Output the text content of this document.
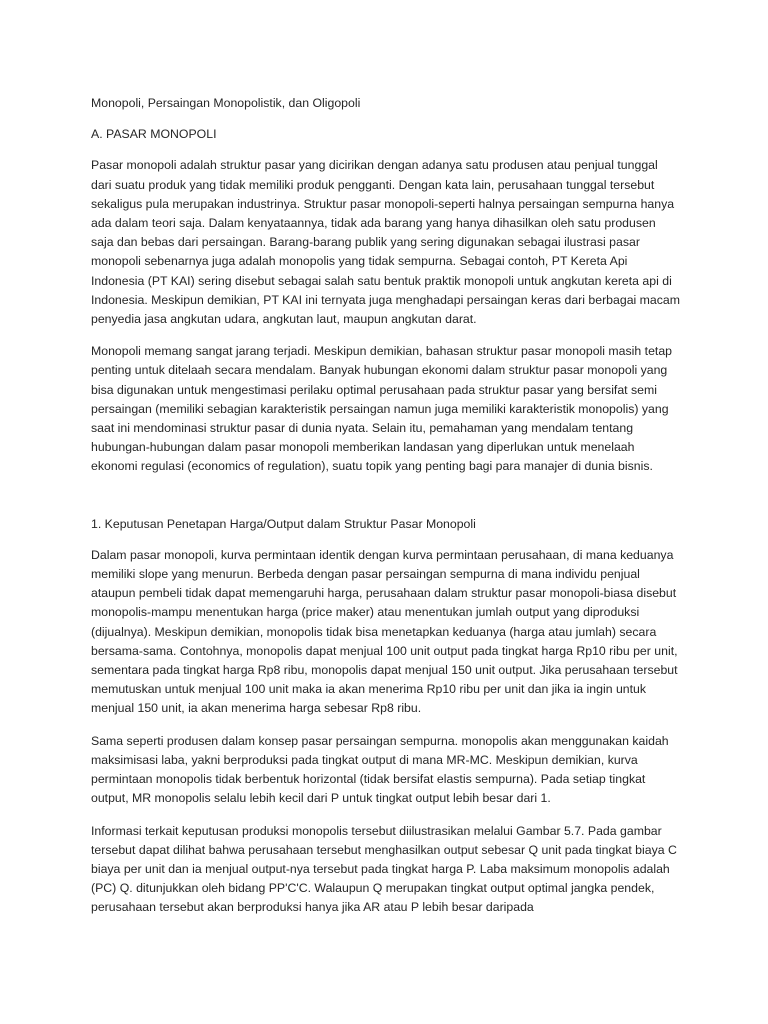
Monopoli, Persaingan Monopolistik, dan Oligopoli

A. PASAR MONOPOLI

Pasar monopoli adalah struktur pasar yang dicirikan dengan adanya satu produsen atau penjual tunggal dari suatu produk yang tidak memiliki produk pengganti. Dengan kata lain, perusahaan tunggal tersebut sekaligus pula merupakan industrinya. Struktur pasar monopoli-seperti halnya persaingan sempurna hanya ada dalam teori saja. Dalam kenyataannya, tidak ada barang yang hanya dihasilkan oleh satu produsen saja dan bebas dari persaingan. Barang-barang publik yang sering digunakan sebagai ilustrasi pasar monopoli sebenarnya juga adalah monopolis yang tidak sempurna. Sebagai contoh, PT Kereta Api Indonesia (PT KAI) sering disebut sebagai salah satu bentuk praktik monopoli untuk angkutan kereta api di Indonesia. Meskipun demikian, PT KAI ini ternyata juga menghadapi persaingan keras dari berbagai macam penyedia jasa angkutan udara, angkutan laut, maupun angkutan darat.

Monopoli memang sangat jarang terjadi. Meskipun demikian, bahasan struktur pasar monopoli masih tetap penting untuk ditelaah secara mendalam. Banyak hubungan ekonomi dalam struktur pasar monopoli yang bisa digunakan untuk mengestimasi perilaku optimal perusahaan pada struktur pasar yang bersifat semi persaingan (memiliki sebagian karakteristik persaingan namun juga memiliki karakteristik monopolis) yang saat ini mendominasi struktur pasar di dunia nyata. Selain itu, pemahaman yang mendalam tentang hubungan-hubungan dalam pasar monopoli memberikan landasan yang diperlukan untuk menelaah ekonomi regulasi (economics of regulation), suatu topik yang penting bagi para manajer di dunia bisnis.

1. Keputusan Penetapan Harga/Output dalam Struktur Pasar Monopoli

Dalam pasar monopoli, kurva permintaan identik dengan kurva permintaan perusahaan, di mana keduanya memiliki slope yang menurun. Berbeda dengan pasar persaingan sempurna di mana individu penjual ataupun pembeli tidak dapat memengaruhi harga, perusahaan dalam struktur pasar monopoli-biasa disebut monopolis-mampu menentukan harga (price maker) atau menentukan jumlah output yang diproduksi (dijualnya). Meskipun demikian, monopolis tidak bisa menetapkan keduanya (harga atau jumlah) secara bersama-sama. Contohnya, monopolis dapat menjual 100 unit output pada tingkat harga Rp10 ribu per unit, sementara pada tingkat harga Rp8 ribu, monopolis dapat menjual 150 unit output. Jika perusahaan tersebut memutuskan untuk menjual 100 unit maka ia akan menerima Rp10 ribu per unit dan jika ia ingin untuk menjual 150 unit, ia akan menerima harga sebesar Rp8 ribu.

Sama seperti produsen dalam konsep pasar persaingan sempurna. monopolis akan menggunakan kaidah maksimisasi laba, yakni berproduksi pada tingkat output di mana MR-MC. Meskipun demikian, kurva permintaan monopolis tidak berbentuk horizontal (tidak bersifat elastis sempurna). Pada setiap tingkat output, MR monopolis selalu lebih kecil dari P untuk tingkat output lebih besar dari 1.

Informasi terkait keputusan produksi monopolis tersebut diilustrasikan melalui Gambar 5.7. Pada gambar tersebut dapat dilihat bahwa perusahaan tersebut menghasilkan output sebesar Q unit pada tingkat biaya C biaya per unit dan ia menjual output-nya tersebut pada tingkat harga P. Laba maksimum monopolis adalah (PC) Q. ditunjukkan oleh bidang PP'C'C. Walaupun Q merupakan tingkat output optimal jangka pendek, perusahaan tersebut akan berproduksi hanya jika AR atau P lebih besar daripada
